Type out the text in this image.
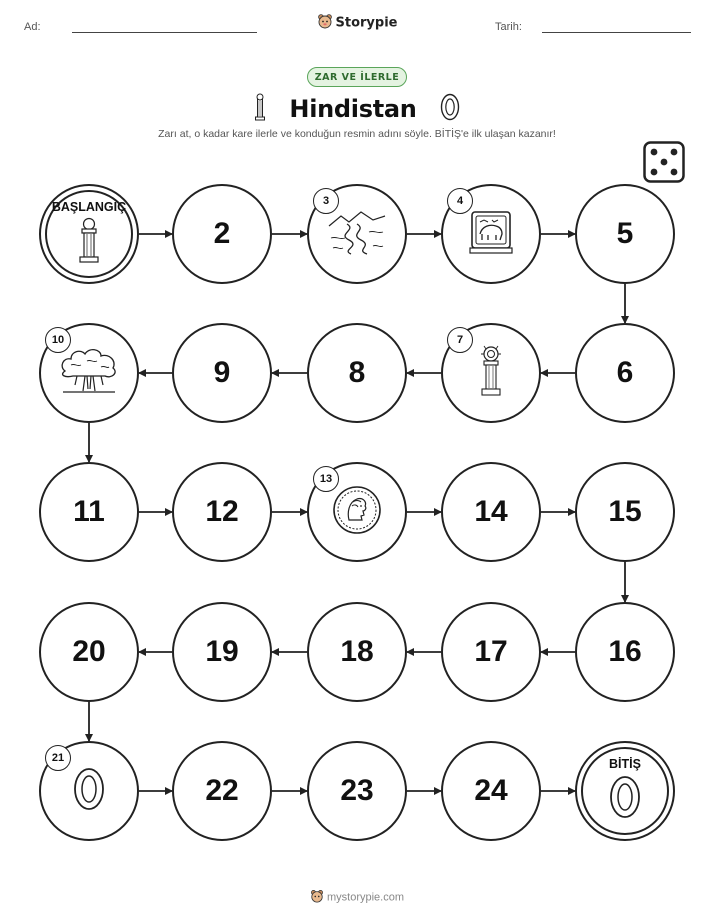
Ad:	Storypie	Tarih:
ZAR VE İLERLE
Hindistan
Zarı at, o kadar kare ilerle ve konduğun resmin adını söyle. BİTİŞ'e ilk ulaşan kazanır!
BAŞLANGIÇ
2
3	4
5
6
7
8
9
10
11	12
13
14	15
16
17
18
19
20
21
22	23	24
BİTİŞ
mystorypie.com
